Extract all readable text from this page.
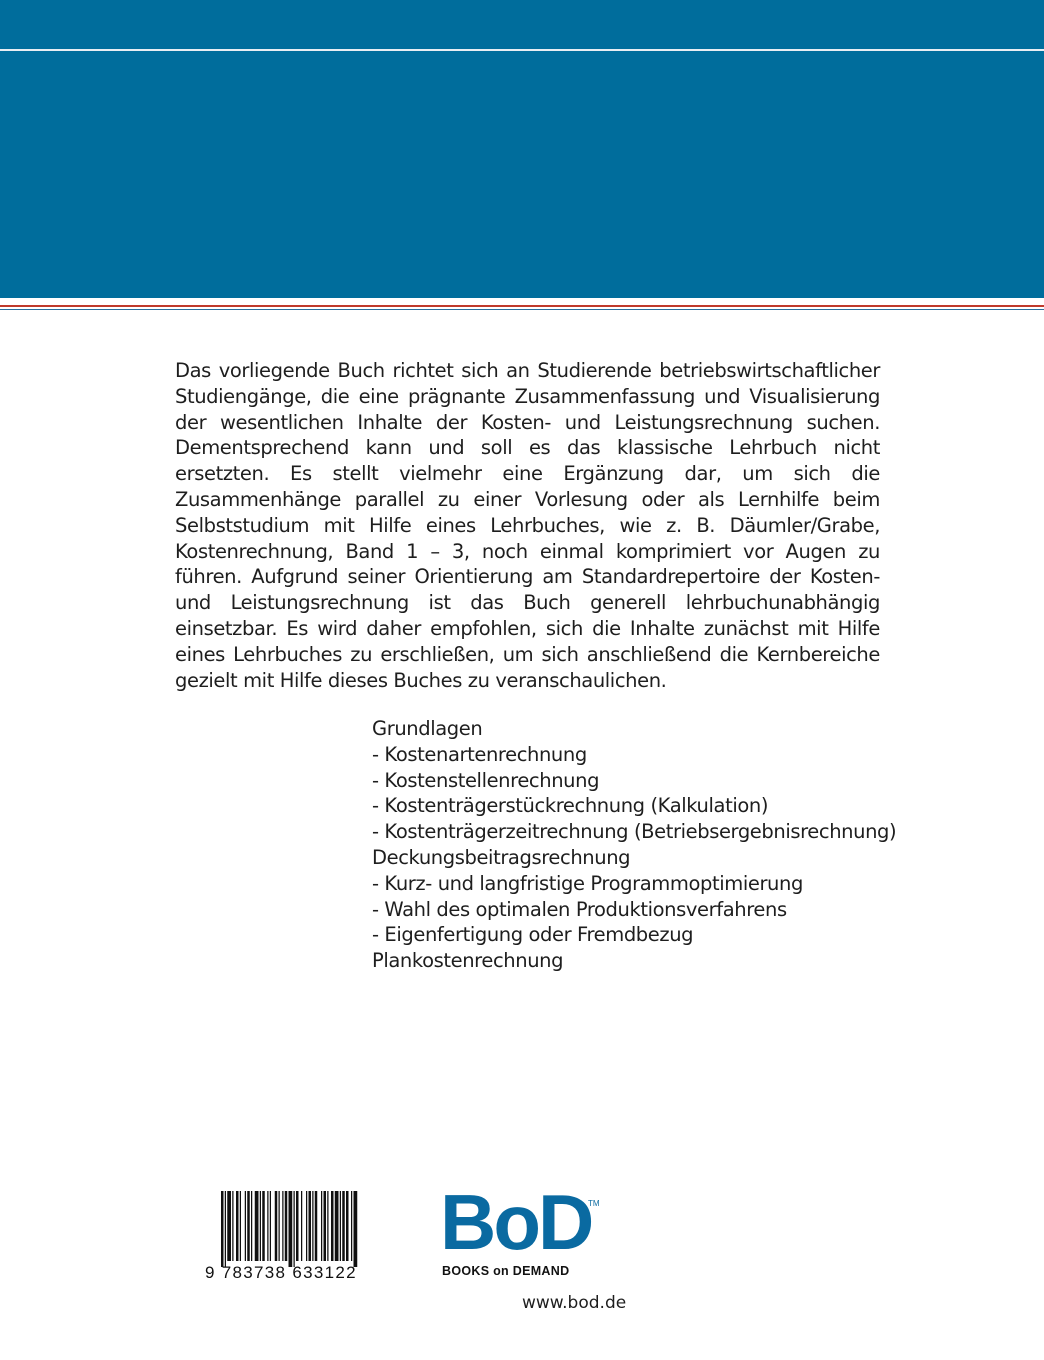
Das vorliegende Buch richtet sich an Studierende betriebswirtschaftlicher Studiengänge, die eine prägnante Zusammenfassung und Visualisierung der wesentlichen Inhalte der Kosten- und Leistungsrechnung suchen. Dementsprechend kann und soll es das klassische Lehrbuch nicht ersetzten. Es stellt vielmehr eine Ergänzung dar, um sich die Zusammenhänge parallel zu einer Vorlesung oder als Lernhilfe beim Selbststudium mit Hilfe eines Lehrbuches, wie z. B. Däumler/Grabe, Kostenrechnung, Band 1 – 3, noch einmal komprimiert vor Augen zu führen. Aufgrund seiner Orientierung am Standardrepertoire der Kosten- und Leistungsrechnung ist das Buch generell lehrbuchunabhängig einsetzbar. Es wird daher empfohlen, sich die Inhalte zunächst mit Hilfe eines Lehrbuches zu erschließen, um sich anschließend die Kernbereiche gezielt mit Hilfe dieses Buches zu veranschaulichen.

Grundlagen
- Kostenartenrechnung
- Kostenstellenrechnung
- Kostenträgerstückrechnung (Kalkulation)
- Kostenträgerzeitrechnung (Betriebsergebnisrechnung)
Deckungsbeitragsrechnung
- Kurz- und langfristige Programmoptimierung
- Wahl des optimalen Produktionsverfahrens
- Eigenfertigung oder Fremdbezug
Plankostenrechnung
9 783738 633122
BoD
TM
BOOKS on DEMAND
www.bod.de
